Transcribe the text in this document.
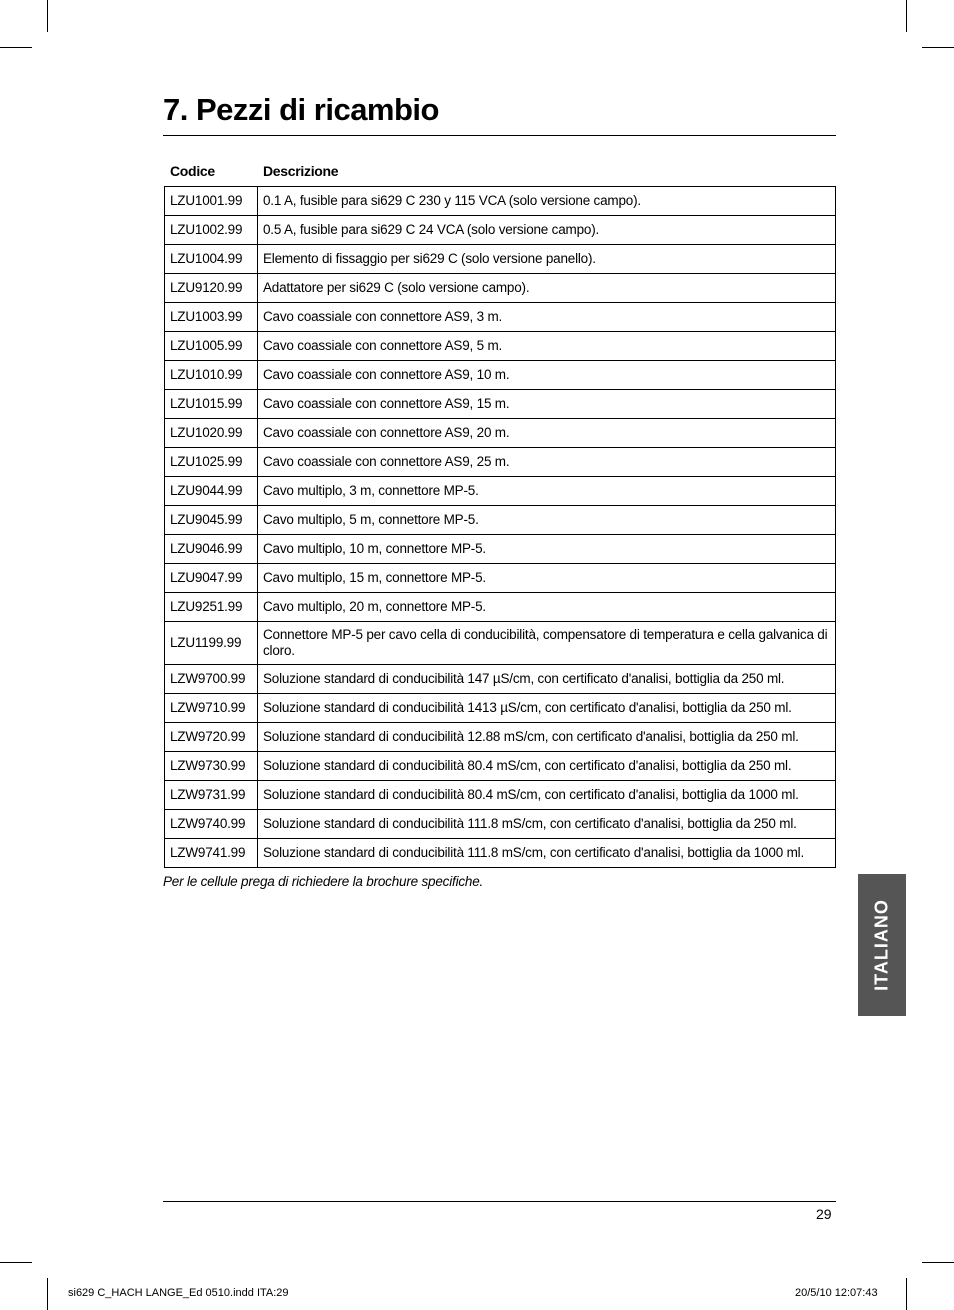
7. Pezzi di ricambio
Codice	Descrizione
LZU1001.99	0.1 A, fusible para si629 C 230 y 115 VCA (solo versione campo).
LZU1002.99	0.5 A, fusible para si629 C 24 VCA (solo versione campo).
LZU1004.99	Elemento di fissaggio per si629 C (solo versione panello).
LZU9120.99	Adattatore per si629 C (solo versione campo).
LZU1003.99	Cavo coassiale con connettore AS9, 3 m.
LZU1005.99	Cavo coassiale con connettore AS9, 5 m.
LZU1010.99	Cavo coassiale con connettore AS9, 10 m.
LZU1015.99	Cavo coassiale con connettore AS9, 15 m.
LZU1020.99	Cavo coassiale con connettore AS9, 20 m.
LZU1025.99	Cavo coassiale con connettore AS9, 25 m.
LZU9044.99	Cavo multiplo, 3 m, connettore MP-5.
LZU9045.99	Cavo multiplo, 5 m, connettore MP-5.
LZU9046.99	Cavo multiplo, 10 m, connettore MP-5.
LZU9047.99	Cavo multiplo, 15 m, connettore MP-5.
LZU9251.99	Cavo multiplo, 20 m, connettore MP-5.
LZU1199.99	Connettore MP-5 per cavo cella di conducibilità, compensatore di temperatura e cella galvanica di cloro.
LZW9700.99	Soluzione standard di conducibilità 147 µS/cm, con certificato d'analisi, bottiglia da 250 ml.
LZW9710.99	Soluzione standard di conducibilità 1413 µS/cm, con certificato d'analisi, bottiglia da 250 ml.
LZW9720.99	Soluzione standard di conducibilità 12.88 mS/cm, con certificato d'analisi, bottiglia da 250 ml.
LZW9730.99	Soluzione standard di conducibilità 80.4 mS/cm, con certificato d'analisi, bottiglia da 250 ml.
LZW9731.99	Soluzione standard di conducibilità 80.4 mS/cm, con certificato d'analisi, bottiglia da 1000 ml.
LZW9740.99	Soluzione standard di conducibilità 111.8 mS/cm, con certificato d'analisi, bottiglia da 250 ml.
LZW9741.99	Soluzione standard di conducibilità 111.8 mS/cm, con certificato d'analisi, bottiglia da 1000 ml.
Per le cellule prega di richiedere la brochure specifiche.
ITALIANO
29
si629 C_HACH LANGE_Ed 0510.indd ITA:29	20/5/10 12:07:43
